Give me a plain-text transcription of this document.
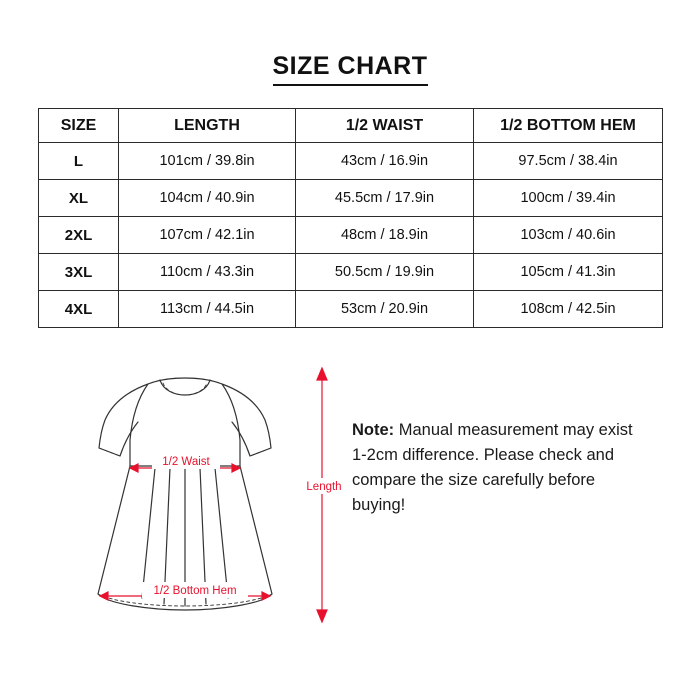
SIZE CHART
SIZE	LENGTH	1/2 WAIST	1/2 BOTTOM HEM
L	101cm / 39.8in	43cm / 16.9in	97.5cm / 38.4in
XL	104cm / 40.9in	45.5cm / 17.9in	100cm / 39.4in
2XL	107cm / 42.1in	48cm / 18.9in	103cm / 40.6in
3XL	110cm / 43.3in	50.5cm / 19.9in	105cm / 41.3in
4XL	113cm / 44.5in	53cm / 20.9in	108cm / 42.5in
1/2 Waist
1/2 Bottom Hem
Length
Note: Manual measurement may exist 1-2cm difference. Please check and compare the size carefully before buying!
